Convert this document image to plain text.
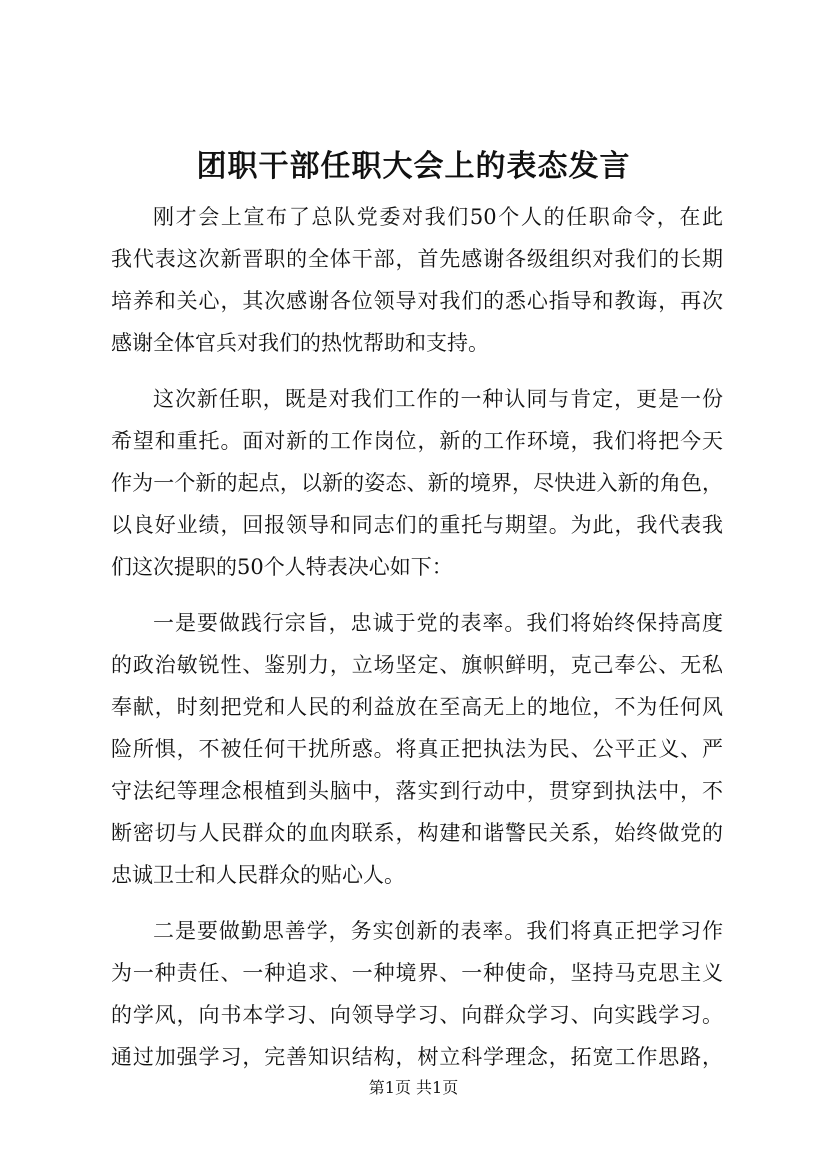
团职干部任职大会上的表态发言
刚才会上宣布了总队党委对我们50个人的任职命令，在此
我代表这次新晋职的全体干部，首先感谢各级组织对我们的长期
培养和关心，其次感谢各位领导对我们的悉心指导和教诲，再次
感谢全体官兵对我们的热忱帮助和支持。
这次新任职，既是对我们工作的一种认同与肯定，更是一份
希望和重托。面对新的工作岗位，新的工作环境，我们将把今天
作为一个新的起点，以新的姿态、新的境界，尽快进入新的角色，
以良好业绩，回报领导和同志们的重托与期望。为此，我代表我
们这次提职的50个人特表决心如下：
一是要做践行宗旨，忠诚于党的表率。我们将始终保持高度
的政治敏锐性、鉴别力，立场坚定、旗帜鲜明，克己奉公、无私
奉献，时刻把党和人民的利益放在至高无上的地位，不为任何风
险所惧，不被任何干扰所惑。将真正把执法为民、公平正义、严
守法纪等理念根植到头脑中，落实到行动中，贯穿到执法中，不
断密切与人民群众的血肉联系，构建和谐警民关系，始终做党的
忠诚卫士和人民群众的贴心人。
二是要做勤思善学，务实创新的表率。我们将真正把学习作
为一种责任、一种追求、一种境界、一种使命，坚持马克思主义
的学风，向书本学习、向领导学习、向群众学习、向实践学习。
通过加强学习，完善知识结构，树立科学理念，拓宽工作思路，
第1页 共1页
